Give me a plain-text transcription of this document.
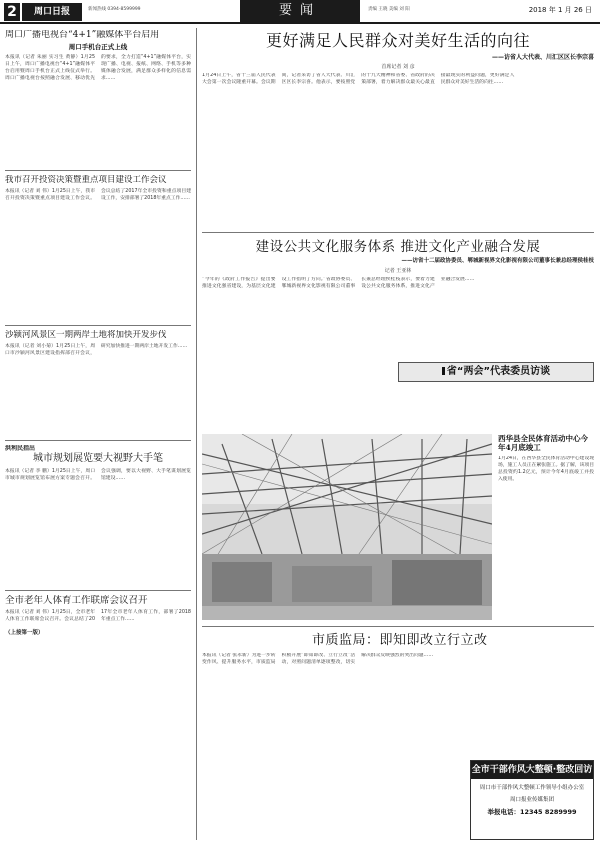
2	周口日报	新闻热线 0394-8599999	要闻	责编 王晓 美编 刘 阳	2018 年 1 月 26 日
周口广播电视台“4+1”融媒体平台启用
周口手机台正式上线
本报讯（记者 朱丽 实习生 黄静）1月25日上午，周口广播电视台“4+1”融媒体平台启用暨周口手机台正式上线仪式举行。周口广播电视台按照融合发展、移动优先的要求，全力打造“4+1”融媒体平台，实现广播、电视、报纸、网络、手机等多种媒体融合发展，满足群众多样化的信息需求……
我市召开投资决策暨重点项目建设工作会议
本报讯（记者 刘 伟）1月25日上午，我市召开投资决策暨重点项目建设工作会议。会议总结了2017年全市投资和重点项目建设工作，安排部署了2018年重点工作……
沙颍河风景区一期两岸土地将加快开发步伐
本报讯（记者 刘小菊）1月25日上午，周口市沙颍河风景区建设指挥部召开会议，研究加快推进一期两岸土地开发工作……
洪利民指出
城市规划展览要大视野大手笔
本报讯（记者 李 鹏）1月25日上午，周口市城市规划展览馆布展方案专题会召开。会议强调，要以大视野、大手笔谋划展览馆建设……
全市老年人体育工作联席会议召开
本报讯（记者 刘 伟）1月25日，全市老年人体育工作联席会议召开。会议总结了2017年全市老年人体育工作，部署了2018年重点工作……
（上接第一版）
更好满足人民群众对美好生活的向往
——访省人大代表、川汇区区长李宗喜
首席记者 刘 彦
1月24日上午，省十三届人民代表大会第一次会议隆重开幕。会议期间，记者采访了省人大代表、川汇区区长李宗喜。他表示，要按照党的十九大精神和省委、省政府的决策部署，着力解决群众最关心最直接最现实的利益问题，更好满足人民群众对美好生活的向往……
建设公共文化服务体系 推进文化产业融合发展
——访省十二届政协委员、郸城新视界文化影视有限公司董事长兼总经理侯桂枝
记者 王亚林
“今年的《政府工作报告》提出要推进文化强省建设，为基层文化建设工作指明了方向。”省政协委员、郸城新视界文化影视有限公司董事长兼总经理侯桂枝表示，要着力建设公共文化服务体系，推进文化产业融合发展……
省“两会”代表委员访谈
西华县全民体育活动中心今年4月底竣工
1月24日，在西华县全民体育活动中心建设现场，施工人员正在紧张施工。据了解，该项目总投资约1.2亿元，预计今年4月底竣工并投入使用。
市质监局：即知即改立行立改
本报讯（记者 张永新）为进一步转变作风、提升服务水平，市质监局积极开展“即知即改、立行立改”活动，对照问题清单逐项整改，切实解决群众反映强烈的突出问题……
全市干部作风大整顿·整改回访
周口市干部作风大整顿工作领导小组办公室
周口报业传媒集团
举报电话：12345 8289999
